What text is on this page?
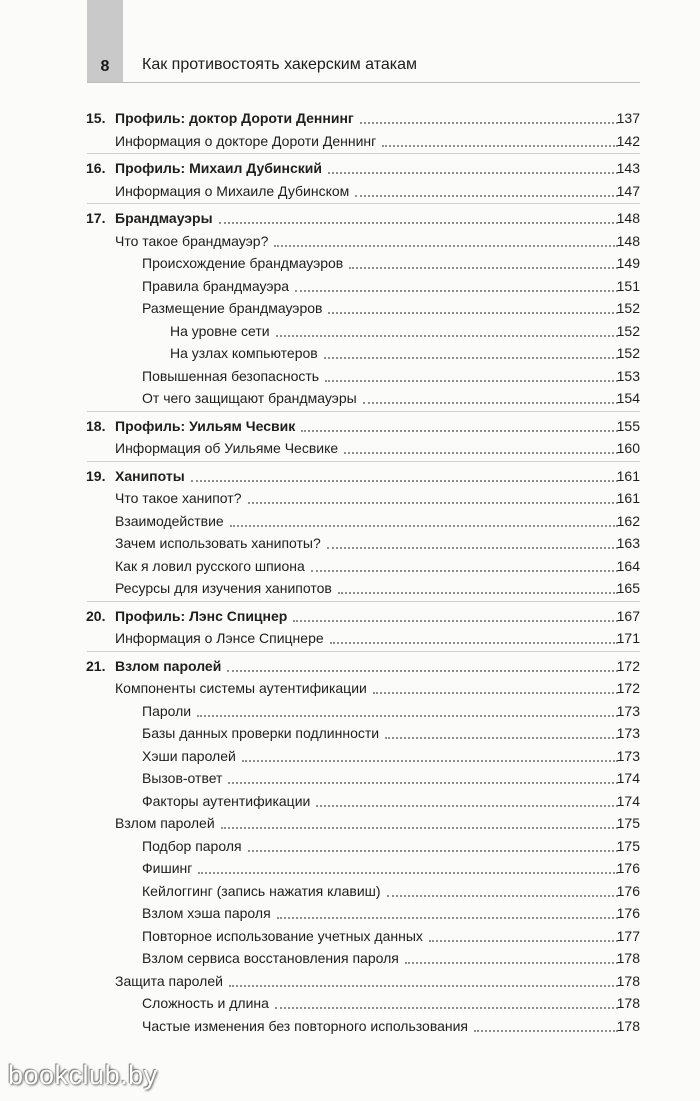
8 Как противостоять хакерским атакам
15. Профиль: доктор Дороти Деннинг	137
Информация о докторе Дороти Деннинг	142
16. Профиль: Михаил Дубинский	143
Информация о Михаиле Дубинском	147
17. Брандмауэры	148
Что такое брандмауэр?	148
Происхождение брандмауэров	149
Правила брандмауэра	151
Размещение брандмауэров	152
На уровне сети	152
На узлах компьютеров	152
Повышенная безопасность	153
От чего защищают брандмауэры	154
18. Профиль: Уильям Чесвик	155
Информация об Уильяме Чесвике	160
19. Ханипоты	161
Что такое ханипот?	161
Взаимодействие	162
Зачем использовать ханипоты?	163
Как я ловил русского шпиона	164
Ресурсы для изучения ханипотов	165
20. Профиль: Лэнс Спицнер	167
Информация о Лэнсе Спицнере	171
21. Взлом паролей	172
Компоненты системы аутентификации	172
Пароли	173
Базы данных проверки подлинности	173
Хэши паролей	173
Вызов-ответ	174
Факторы аутентификации	174
Взлом паролей	175
Подбор пароля	175
Фишинг	176
Кейлоггинг (запись нажатия клавиш)	176
Взлом хэша пароля	176
Повторное использование учетных данных	177
Взлом сервиса восстановления пароля	178
Защита паролей	178
Сложность и длина	178
Частые изменения без повторного использования	178
bookclub.by
